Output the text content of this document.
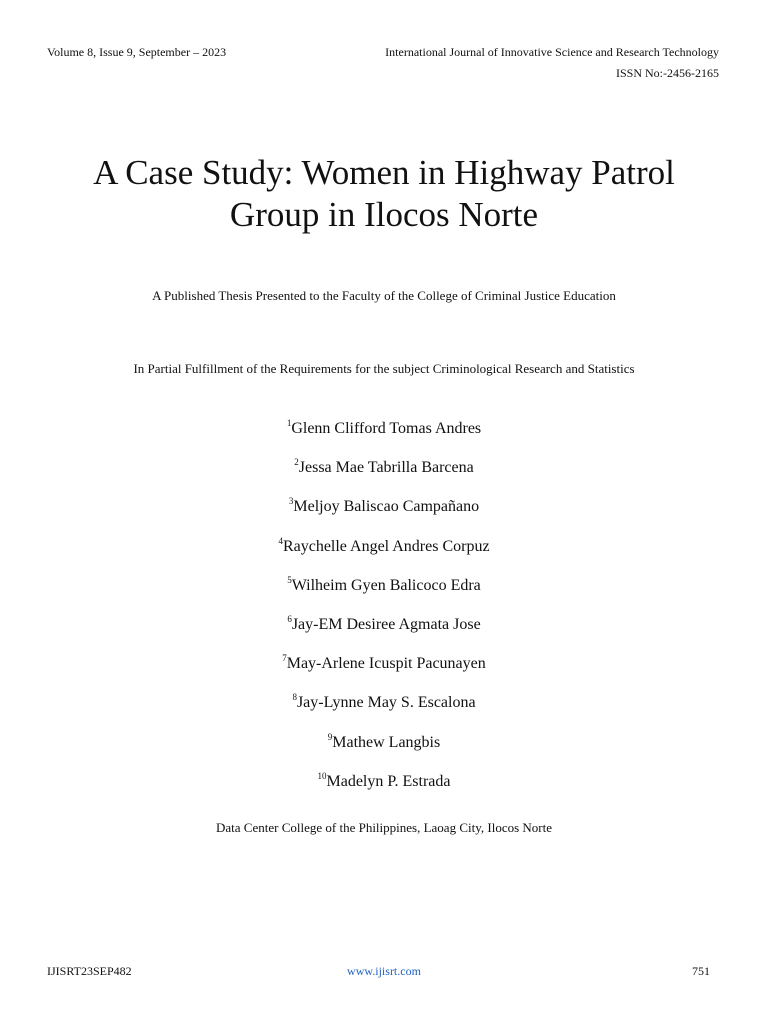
Volume 8, Issue 9, September – 2023	International Journal of Innovative Science and Research Technology
ISSN No:-2456-2165
A Case Study: Women in Highway Patrol
Group in Ilocos Norte
A Published Thesis Presented to the Faculty of the College of Criminal Justice Education
In Partial Fulfillment of the Requirements for the subject Criminological Research and Statistics
$^1$Glenn Clifford Tomas Andres
$^2$Jessa Mae Tabrilla Barcena
$^3$Meljoy Baliscao Campañano
$^4$Raychelle Angel Andres Corpuz
$^5$Wilheim Gyen Balicoco Edra
$^6$Jay-EM Desiree Agmata Jose
$^7$May-Arlene Icuspit Pacunayen
$^8$Jay-Lynne May S. Escalona
$^9$Mathew Langbis
$^{10}$Madelyn P. Estrada
Data Center College of the Philippines, Laoag City, Ilocos Norte
IJISRT23SEP482	www.ijisrt.com	751
